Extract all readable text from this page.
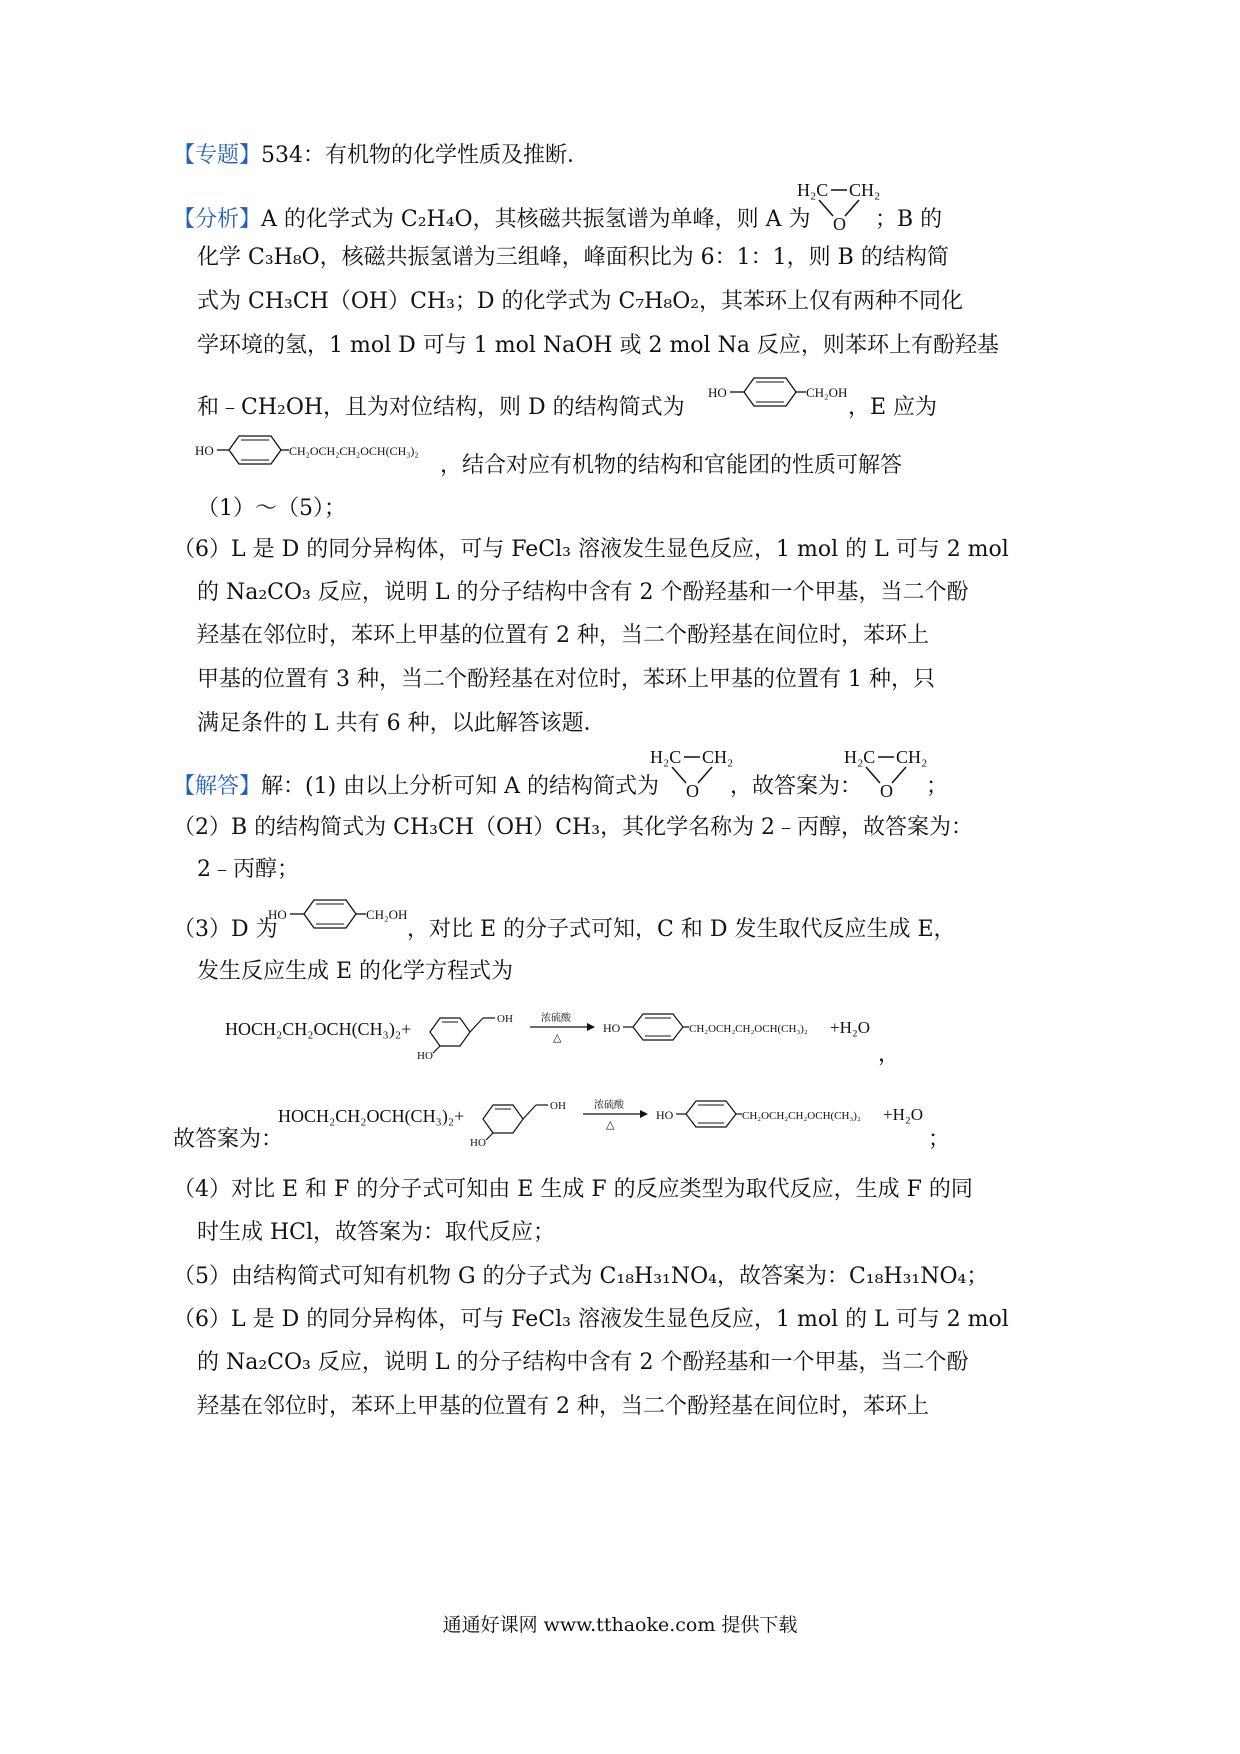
【专题】534：有机物的化学性质及推断．
【分析】A 的化学式为 C₂H₄O，其核磁共振氢谱为单峰，则 A 为
H₂C CH₂
O ；B 的
化学 C₃H₈O，核磁共振氢谱为三组峰，峰面积比为 6：1：1，则 B 的结构简
式为 CH₃CH（OH）CH₃；D 的化学式为 C₇H₈O₂，其苯环上仅有两种不同化
学环境的氢，1 mol D 可与 1 mol NaOH 或 2 mol Na 反应，则苯环上有酚羟基
和﹣CH₂OH，且为对位结构，则 D 的结构简式为
HO	CH₂OH
，E 应为
HO	CH₂OCH₂CH₂OCH(CH₃)₂
，结合对应有机物的结构和官能团的性质可解答
（1）～（5）；
（6）L 是 D 的同分异构体，可与 FeCl₃ 溶液发生显色反应，1 mol 的 L 可与 2 mol
的 Na₂CO₃ 反应，说明 L 的分子结构中含有 2 个酚羟基和一个甲基，当二个酚
羟基在邻位时，苯环上甲基的位置有 2 种，当二个酚羟基在间位时，苯环上
甲基的位置有 3 种，当二个酚羟基在对位时，苯环上甲基的位置有 1 种，只
满足条件的 L 共有 6 种，以此解答该题．
【解答】解：(1) 由以上分析可知 A 的结构简式为
H₂C CH₂
O ，故答案为：
H₂C CH₂
O ；
（2）B 的结构简式为 CH₃CH（OH）CH₃，其化学名称为 2﹣丙醇，故答案为：
2﹣丙醇；
（3）D 为
HO	CH₂OH
，对比 E 的分子式可知，C 和 D 发生取代反应生成 E，
发生反应生成 E 的化学方程式为
HOCH₂CH₂OCH(CH₃)₂+	OH
HO
浓硫酸
△
HO	CH₂OCH₂CH₂OCH(CH₃)₂ +H₂O
，
故答案为：
HOCH₂CH₂OCH(CH₃)₂+	OH
HO
浓硫酸
△
HO	CH₂OCH₂CH₂OCH(CH₃)₂ +H₂O
；
（4）对比 E 和 F 的分子式可知由 E 生成 F 的反应类型为取代反应，生成 F 的同
时生成 HCl，故答案为：取代反应；
（5）由结构简式可知有机物 G 的分子式为 C₁₈H₃₁NO₄，故答案为：C₁₈H₃₁NO₄；
（6）L 是 D 的同分异构体，可与 FeCl₃ 溶液发生显色反应，1 mol 的 L 可与 2 mol
的 Na₂CO₃ 反应，说明 L 的分子结构中含有 2 个酚羟基和一个甲基，当二个酚
羟基在邻位时，苯环上甲基的位置有 2 种，当二个酚羟基在间位时，苯环上
通通好课网 www.tthaoke.com 提供下载
